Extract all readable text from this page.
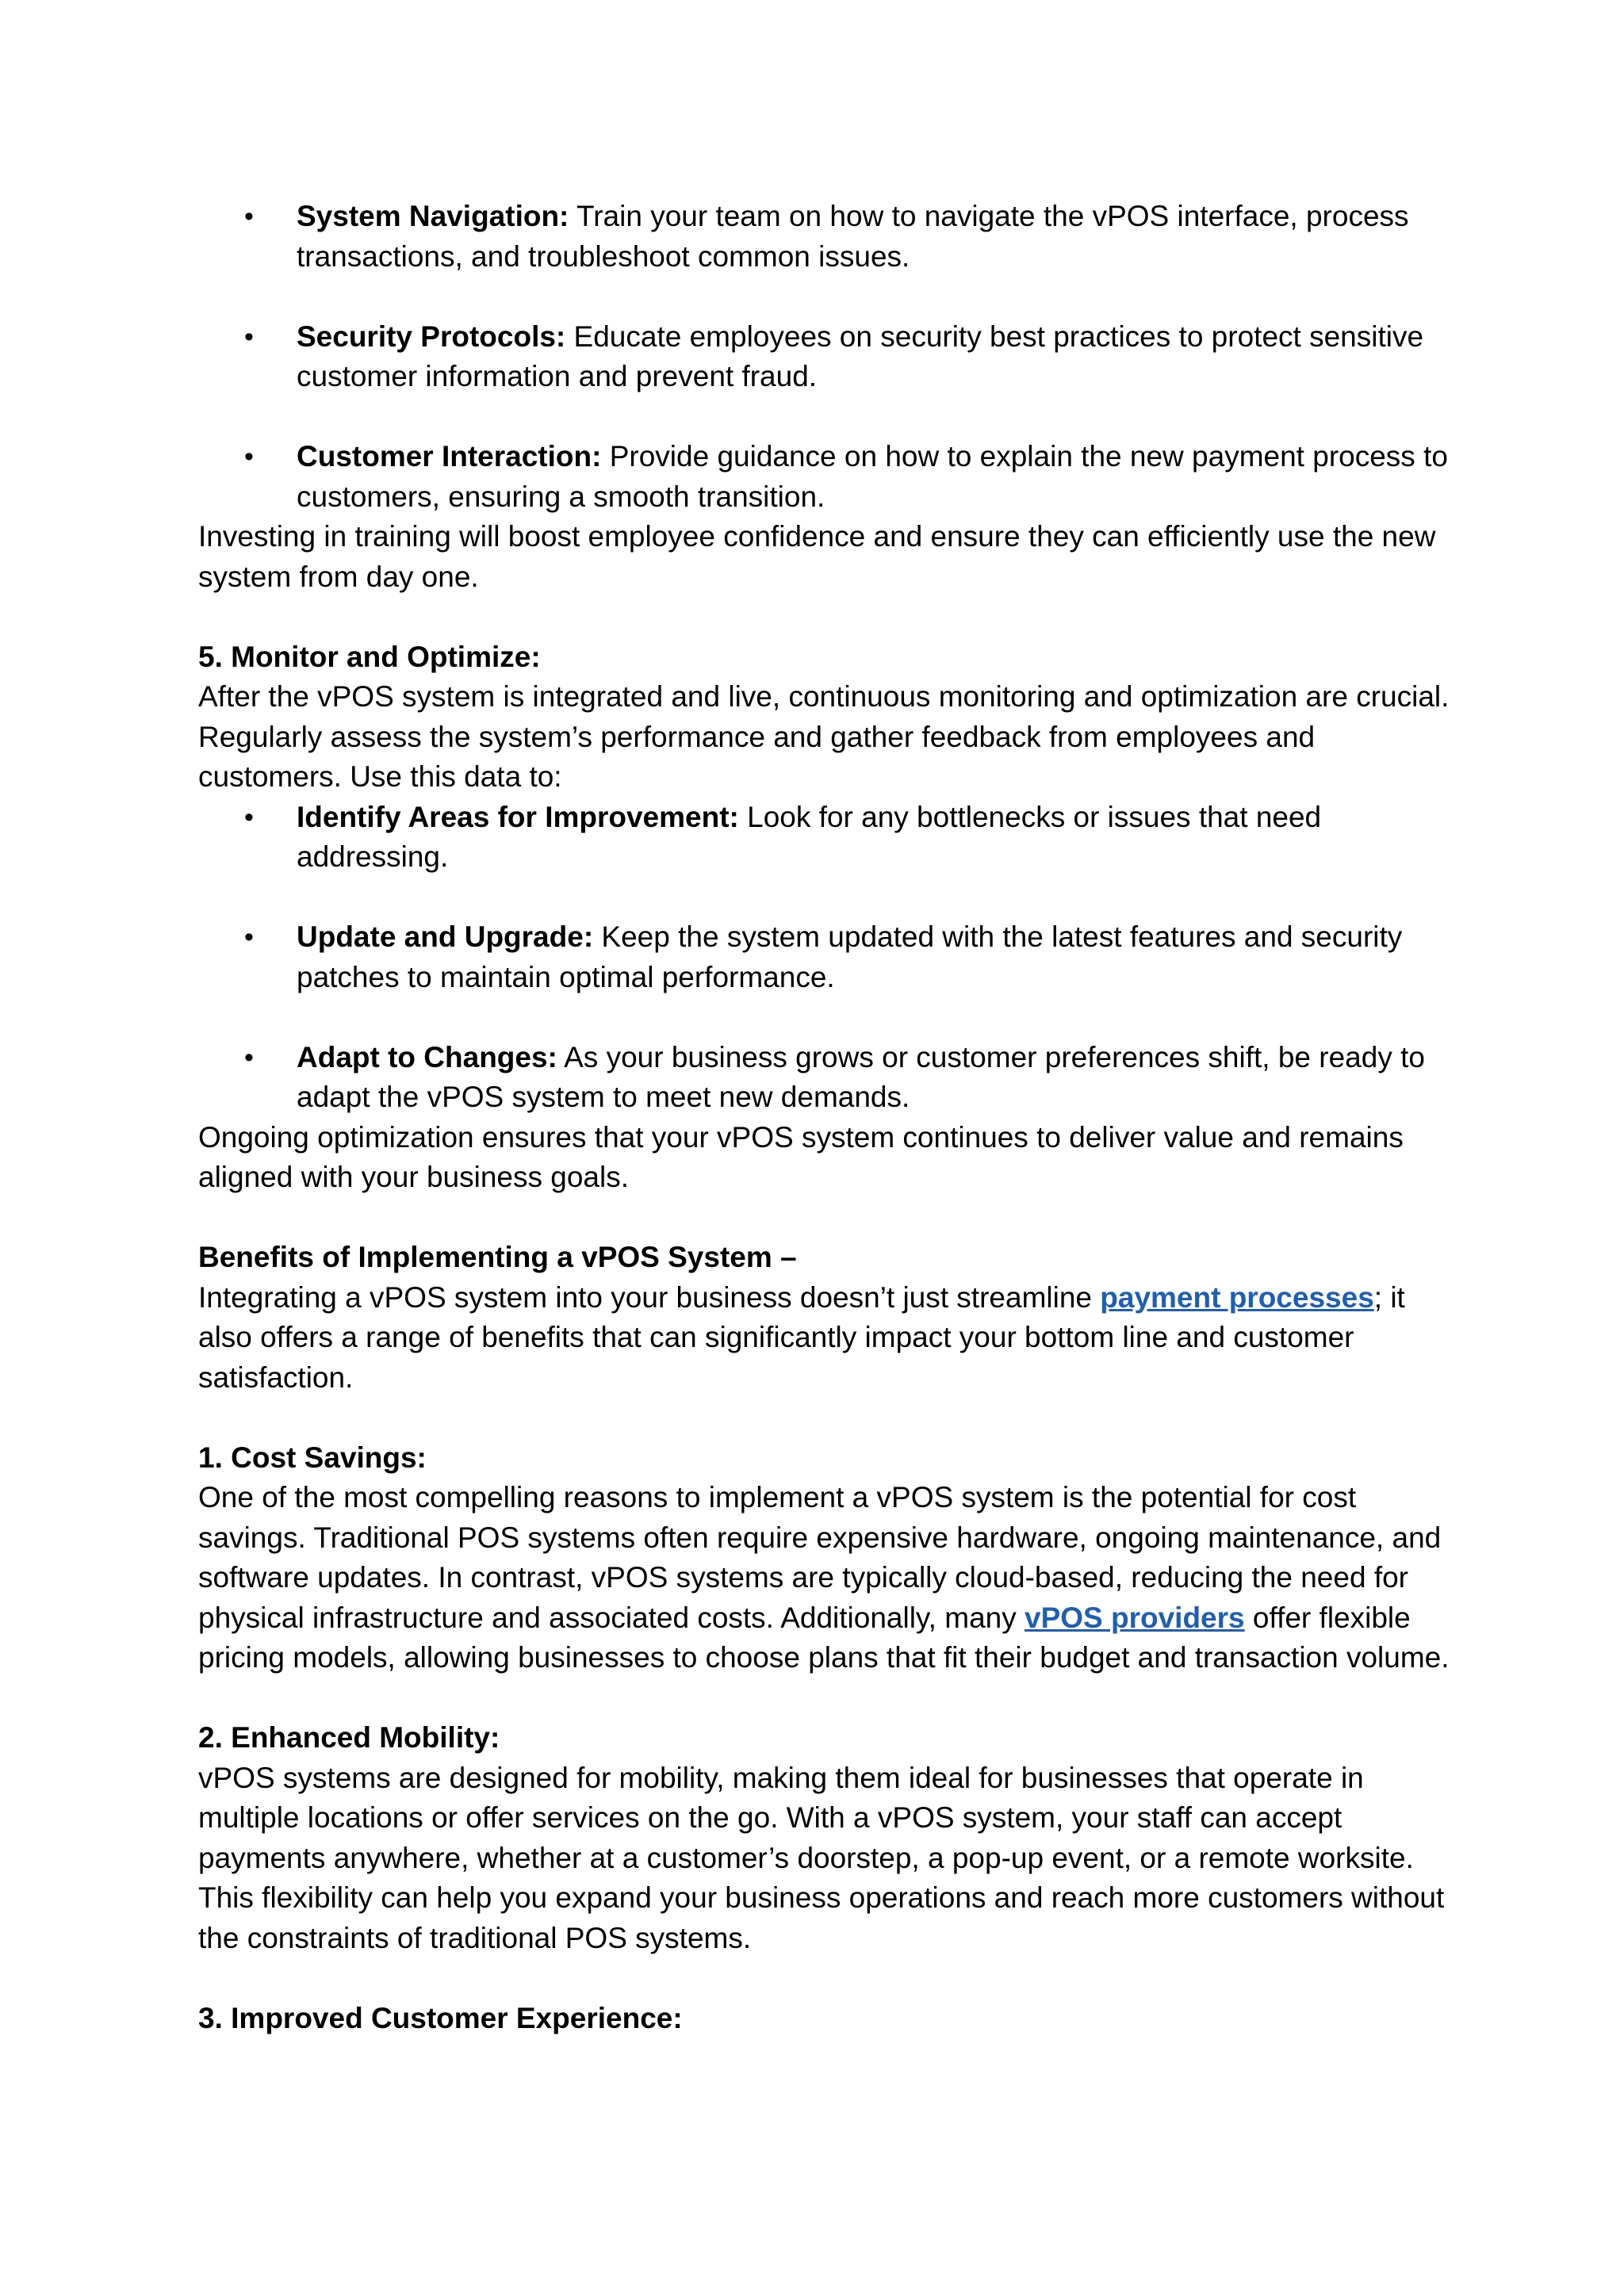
• System Navigation: Train your team on how to navigate the vPOS interface, process transactions, and troubleshoot common issues.
• Security Protocols: Educate employees on security best practices to protect sensitive customer information and prevent fraud.
• Customer Interaction: Provide guidance on how to explain the new payment process to customers, ensuring a smooth transition.

Investing in training will boost employee confidence and ensure they can efficiently use the new system from day one.

5. Monitor and Optimize:

After the vPOS system is integrated and live, continuous monitoring and optimization are crucial. Regularly assess the system’s performance and gather feedback from employees and customers. Use this data to:

• Identify Areas for Improvement: Look for any bottlenecks or issues that need addressing.
• Update and Upgrade: Keep the system updated with the latest features and security patches to maintain optimal performance.
• Adapt to Changes: As your business grows or customer preferences shift, be ready to adapt the vPOS system to meet new demands.

Ongoing optimization ensures that your vPOS system continues to deliver value and remains aligned with your business goals.

Benefits of Implementing a vPOS System –

Integrating a vPOS system into your business doesn’t just streamline payment processes; it also offers a range of benefits that can significantly impact your bottom line and customer satisfaction.

1. Cost Savings:

One of the most compelling reasons to implement a vPOS system is the potential for cost savings. Traditional POS systems often require expensive hardware, ongoing maintenance, and software updates. In contrast, vPOS systems are typically cloud-based, reducing the need for physical infrastructure and associated costs. Additionally, many vPOS providers offer flexible pricing models, allowing businesses to choose plans that fit their budget and transaction volume.

2. Enhanced Mobility:

vPOS systems are designed for mobility, making them ideal for businesses that operate in multiple locations or offer services on the go. With a vPOS system, your staff can accept payments anywhere, whether at a customer’s doorstep, a pop-up event, or a remote worksite. This flexibility can help you expand your business operations and reach more customers without the constraints of traditional POS systems.

3. Improved Customer Experience:
